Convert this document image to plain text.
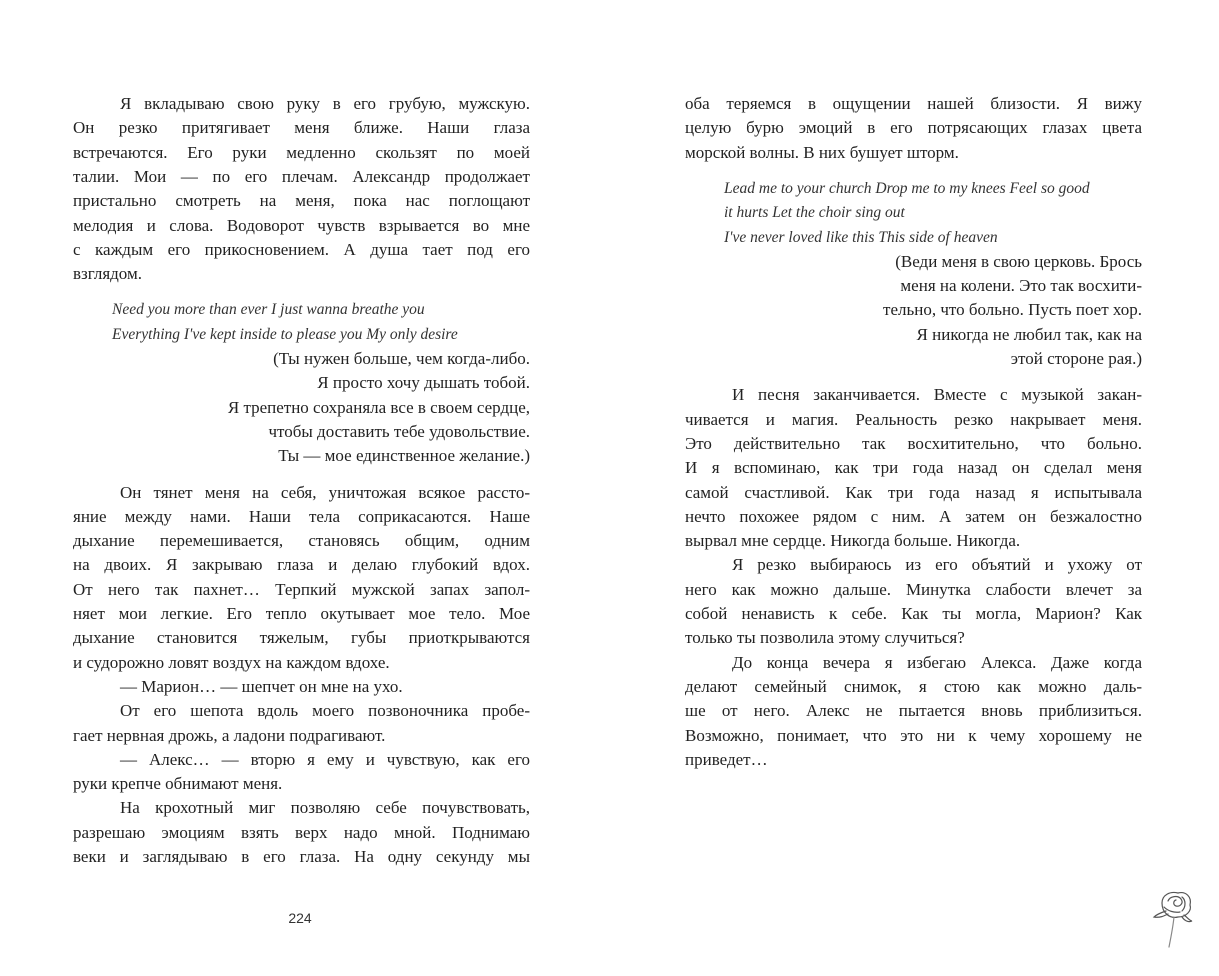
Я вкладываю свою руку в его грубую, мужскую.
Он резко притягивает меня ближе. Наши глаза
встречаются. Его руки медленно скользят по моей
талии. Мои — по его плечам. Александр продолжает
пристально смотреть на меня, пока нас поглощают
мелодия и слова. Водоворот чувств взрывается во мне
с каждым его прикосновением. А душа тает под его
взглядом.
Need you more than ever I just wanna breathe you
Everything I've kept inside to please you My only desire
(Ты нужен больше, чем когда-либо.
Я просто хочу дышать тобой.
Я трепетно сохраняла все в своем сердце,
чтобы доставить тебе удовольствие.
Ты — мое единственное желание.)
Он тянет меня на себя, уничтожая всякое рассто-
яние между нами. Наши тела соприкасаются. Наше
дыхание перемешивается, становясь общим, одним
на двоих. Я закрываю глаза и делаю глубокий вдох.
От него так пахнет… Терпкий мужской запах запол-
няет мои легкие. Его тепло окутывает мое тело. Мое
дыхание становится тяжелым, губы приоткрываются
и судорожно ловят воздух на каждом вдохе.
— Марион… — шепчет он мне на ухо.
От его шепота вдоль моего позвоночника пробе-
гает нервная дрожь, а ладони подрагивают.
— Алекс… — вторю я ему и чувствую, как его
руки крепче обнимают меня.
На крохотный миг позволяю себе почувствовать,
разрешаю эмоциям взять верх надо мной. Поднимаю
веки и заглядываю в его глаза. На одну секунду мы
оба теряемся в ощущении нашей близости. Я вижу
целую бурю эмоций в его потрясающих глазах цвета
морской волны. В них бушует шторм.
Lead me to your church Drop me to my knees Feel so good
it hurts Let the choir sing out
I've never loved like this This side of heaven
(Веди меня в свою церковь. Брось
меня на колени. Это так восхити-
тельно, что больно. Пусть поет хор.
Я никогда не любил так, как на
этой стороне рая.)
И песня заканчивается. Вместе с музыкой закан-
чивается и магия. Реальность резко накрывает меня.
Это действительно так восхитительно, что больно.
И я вспоминаю, как три года назад он сделал меня
самой счастливой. Как три года назад я испытывала
нечто похожее рядом с ним. А затем он безжалостно
вырвал мне сердце. Никогда больше. Никогда.
Я резко выбираюсь из его объятий и ухожу от
него как можно дальше. Минутка слабости влечет за
собой ненависть к себе. Как ты могла, Марион? Как
только ты позволила этому случиться?
До конца вечера я избегаю Алекса. Даже когда
делают семейный снимок, я стою как можно даль-
ше от него. Алекс не пытается вновь приблизиться.
Возможно, понимает, что это ни к чему хорошему не
приведет…
224
